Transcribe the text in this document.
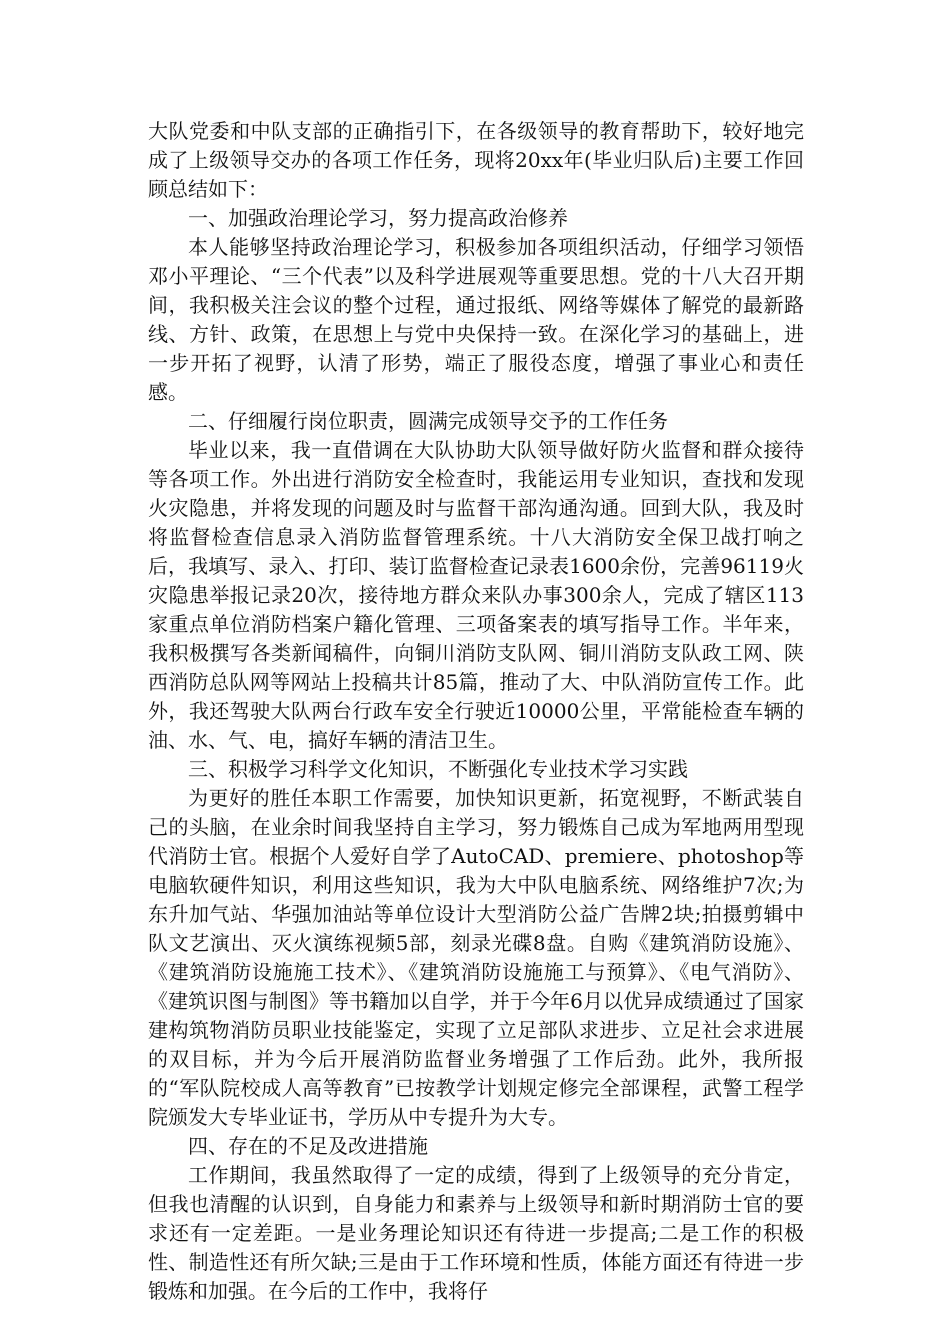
大队党委和中队支部的正确指引下，在各级领导的教育帮助下，较好地完成了上级领导交办的各项工作任务，现将20xx年(毕业归队后)主要工作回顾总结如下：

一、加强政治理论学习，努力提高政治修养

本人能够坚持政治理论学习，积极参加各项组织活动，仔细学习领悟邓小平理论、“三个代表”以及科学进展观等重要思想。党的十八大召开期间，我积极关注会议的整个过程，通过报纸、网络等媒体了解党的最新路线、方针、政策，在思想上与党中央保持一致。在深化学习的基础上，进一步开拓了视野，认清了形势，端正了服役态度，增强了事业心和责任感。

二、仔细履行岗位职责，圆满完成领导交予的工作任务

毕业以来，我一直借调在大队协助大队领导做好防火监督和群众接待等各项工作。外出进行消防安全检查时，我能运用专业知识，查找和发现火灾隐患，并将发现的问题及时与监督干部沟通沟通。回到大队，我及时将监督检查信息录入消防监督管理系统。十八大消防安全保卫战打响之后，我填写、录入、打印、装订监督检查记录表1600余份，完善96119火灾隐患举报记录20次，接待地方群众来队办事300余人，完成了辖区113家重点单位消防档案户籍化管理、三项备案表的填写指导工作。半年来，我积极撰写各类新闻稿件，向铜川消防支队网、铜川消防支队政工网、陕西消防总队网等网站上投稿共计85篇，推动了大、中队消防宣传工作。此外，我还驾驶大队两台行政车安全行驶近10000公里，平常能检查车辆的油、水、气、电，搞好车辆的清洁卫生。

三、积极学习科学文化知识，不断强化专业技术学习实践

为更好的胜任本职工作需要，加快知识更新，拓宽视野，不断武装自己的头脑，在业余时间我坚持自主学习，努力锻炼自己成为军地两用型现代消防士官。根据个人爱好自学了AutoCAD、premiere、photoshop等电脑软硬件知识，利用这些知识，我为大中队电脑系统、网络维护7次;为东升加气站、华强加油站等单位设计大型消防公益广告牌2块;拍摄剪辑中队文艺演出、灭火演练视频5部，刻录光碟8盘。自购《建筑消防设施》、《建筑消防设施施工技术》、《建筑消防设施施工与预算》、《电气消防》、《建筑识图与制图》等书籍加以自学，并于今年6月以优异成绩通过了国家建构筑物消防员职业技能鉴定，实现了立足部队求进步、立足社会求进展的双目标，并为今后开展消防监督业务增强了工作后劲。此外，我所报的“军队院校成人高等教育”已按教学计划规定修完全部课程，武警工程学院颁发大专毕业证书，学历从中专提升为大专。

四、存在的不足及改进措施

工作期间，我虽然取得了一定的成绩，得到了上级领导的充分肯定，但我也清醒的认识到，自身能力和素养与上级领导和新时期消防士官的要求还有一定差距。一是业务理论知识还有待进一步提高;二是工作的积极性、制造性还有所欠缺;三是由于工作环境和性质，体能方面还有待进一步锻炼和加强。在今后的工作中，我将仔
